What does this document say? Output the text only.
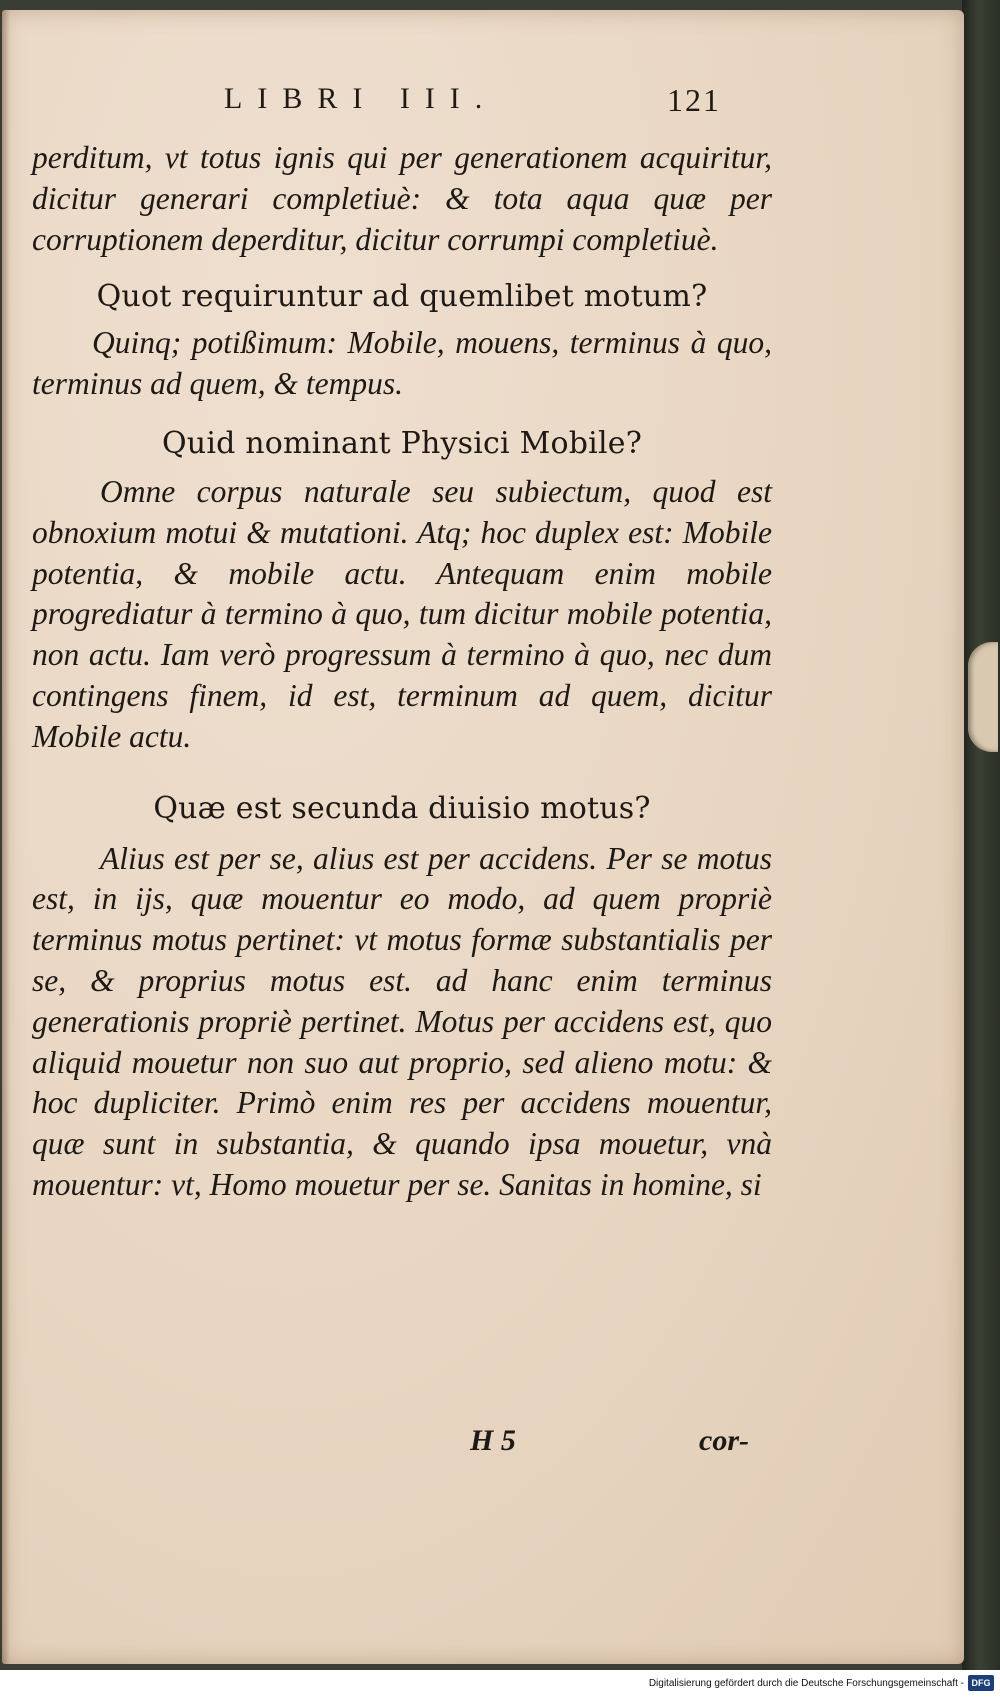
LIBRI III.	121

perditum, vt totus ignis qui per generationem acquiritur, dicitur generari completiuè: & tota aqua quæ per corruptionem deperditur, dicitur corrumpi completiuè.

Quot requiruntur ad quemlibet motum?

Quinq; potißimum: Mobile, mouens, terminus à quo, terminus ad quem, & tempus.

Quid nominant Physici Mobile?

Omne corpus naturale seu subiectum, quod est obnoxium motui & mutationi. Atq; hoc duplex est: Mobile potentia, & mobile actu. Antequam enim mobile progrediatur à termino à quo, tum dicitur mobile potentia, non actu. Iam verò progressum à termino à quo, nec dum contingens finem, id est, terminum ad quem, dicitur Mobile actu.

Quæ est secunda diuisio motus?

Alius est per se, alius est per accidens. Per se motus est, in ijs, quæ mouentur eo modo, ad quem propriè terminus motus pertinet: vt motus formæ substantialis per se, & proprius motus est. ad hanc enim terminus generationis propriè pertinet. Motus per accidens est, quo aliquid mouetur non suo aut proprio, sed alieno motu: & hoc dupliciter. Primò enim res per accidens mouentur, quæ sunt in substantia, & quando ipsa mouetur, vnà mouentur: vt, Homo mouetur per se. Sanitas in homine, si

H 5	cor-
Digitalisierung gefördert durch die Deutsche Forschungsgemeinschaft - DFG
